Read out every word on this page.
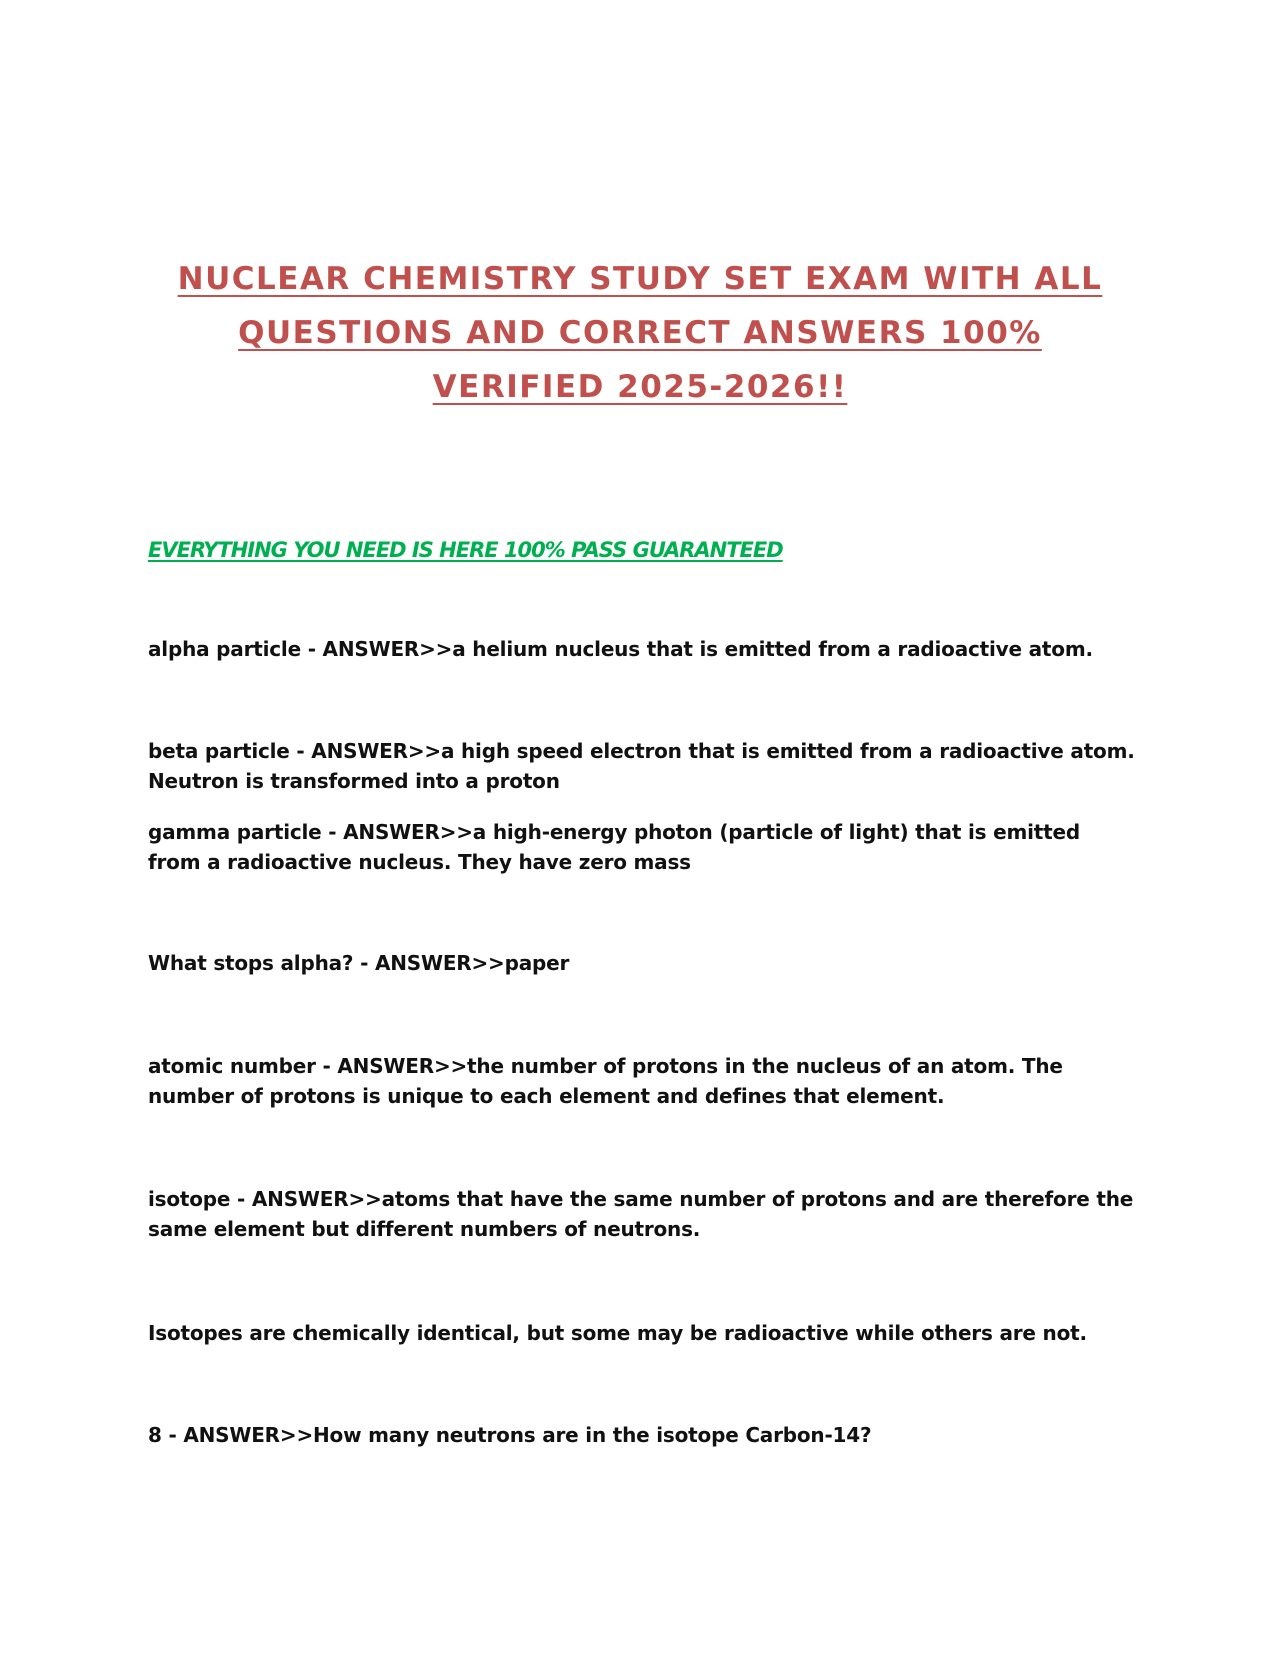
NUCLEAR CHEMISTRY STUDY SET EXAM WITH ALL
QUESTIONS AND CORRECT ANSWERS 100%
VERIFIED 2025-2026!!

EVERYTHING YOU NEED IS HERE 100% PASS GUARANTEED

alpha particle - ANSWER>>a helium nucleus that is emitted from a radioactive atom.

beta particle - ANSWER>>a high speed electron that is emitted from a radioactive atom. Neutron is transformed into a proton

gamma particle - ANSWER>>a high-energy photon (particle of light) that is emitted from a radioactive nucleus. They have zero mass

What stops alpha? - ANSWER>>paper

atomic number - ANSWER>>the number of protons in the nucleus of an atom. The number of protons is unique to each element and defines that element.

isotope - ANSWER>>atoms that have the same number of protons and are therefore the same element but different numbers of neutrons.

Isotopes are chemically identical, but some may be radioactive while others are not.

8 - ANSWER>>How many neutrons are in the isotope Carbon-14?
